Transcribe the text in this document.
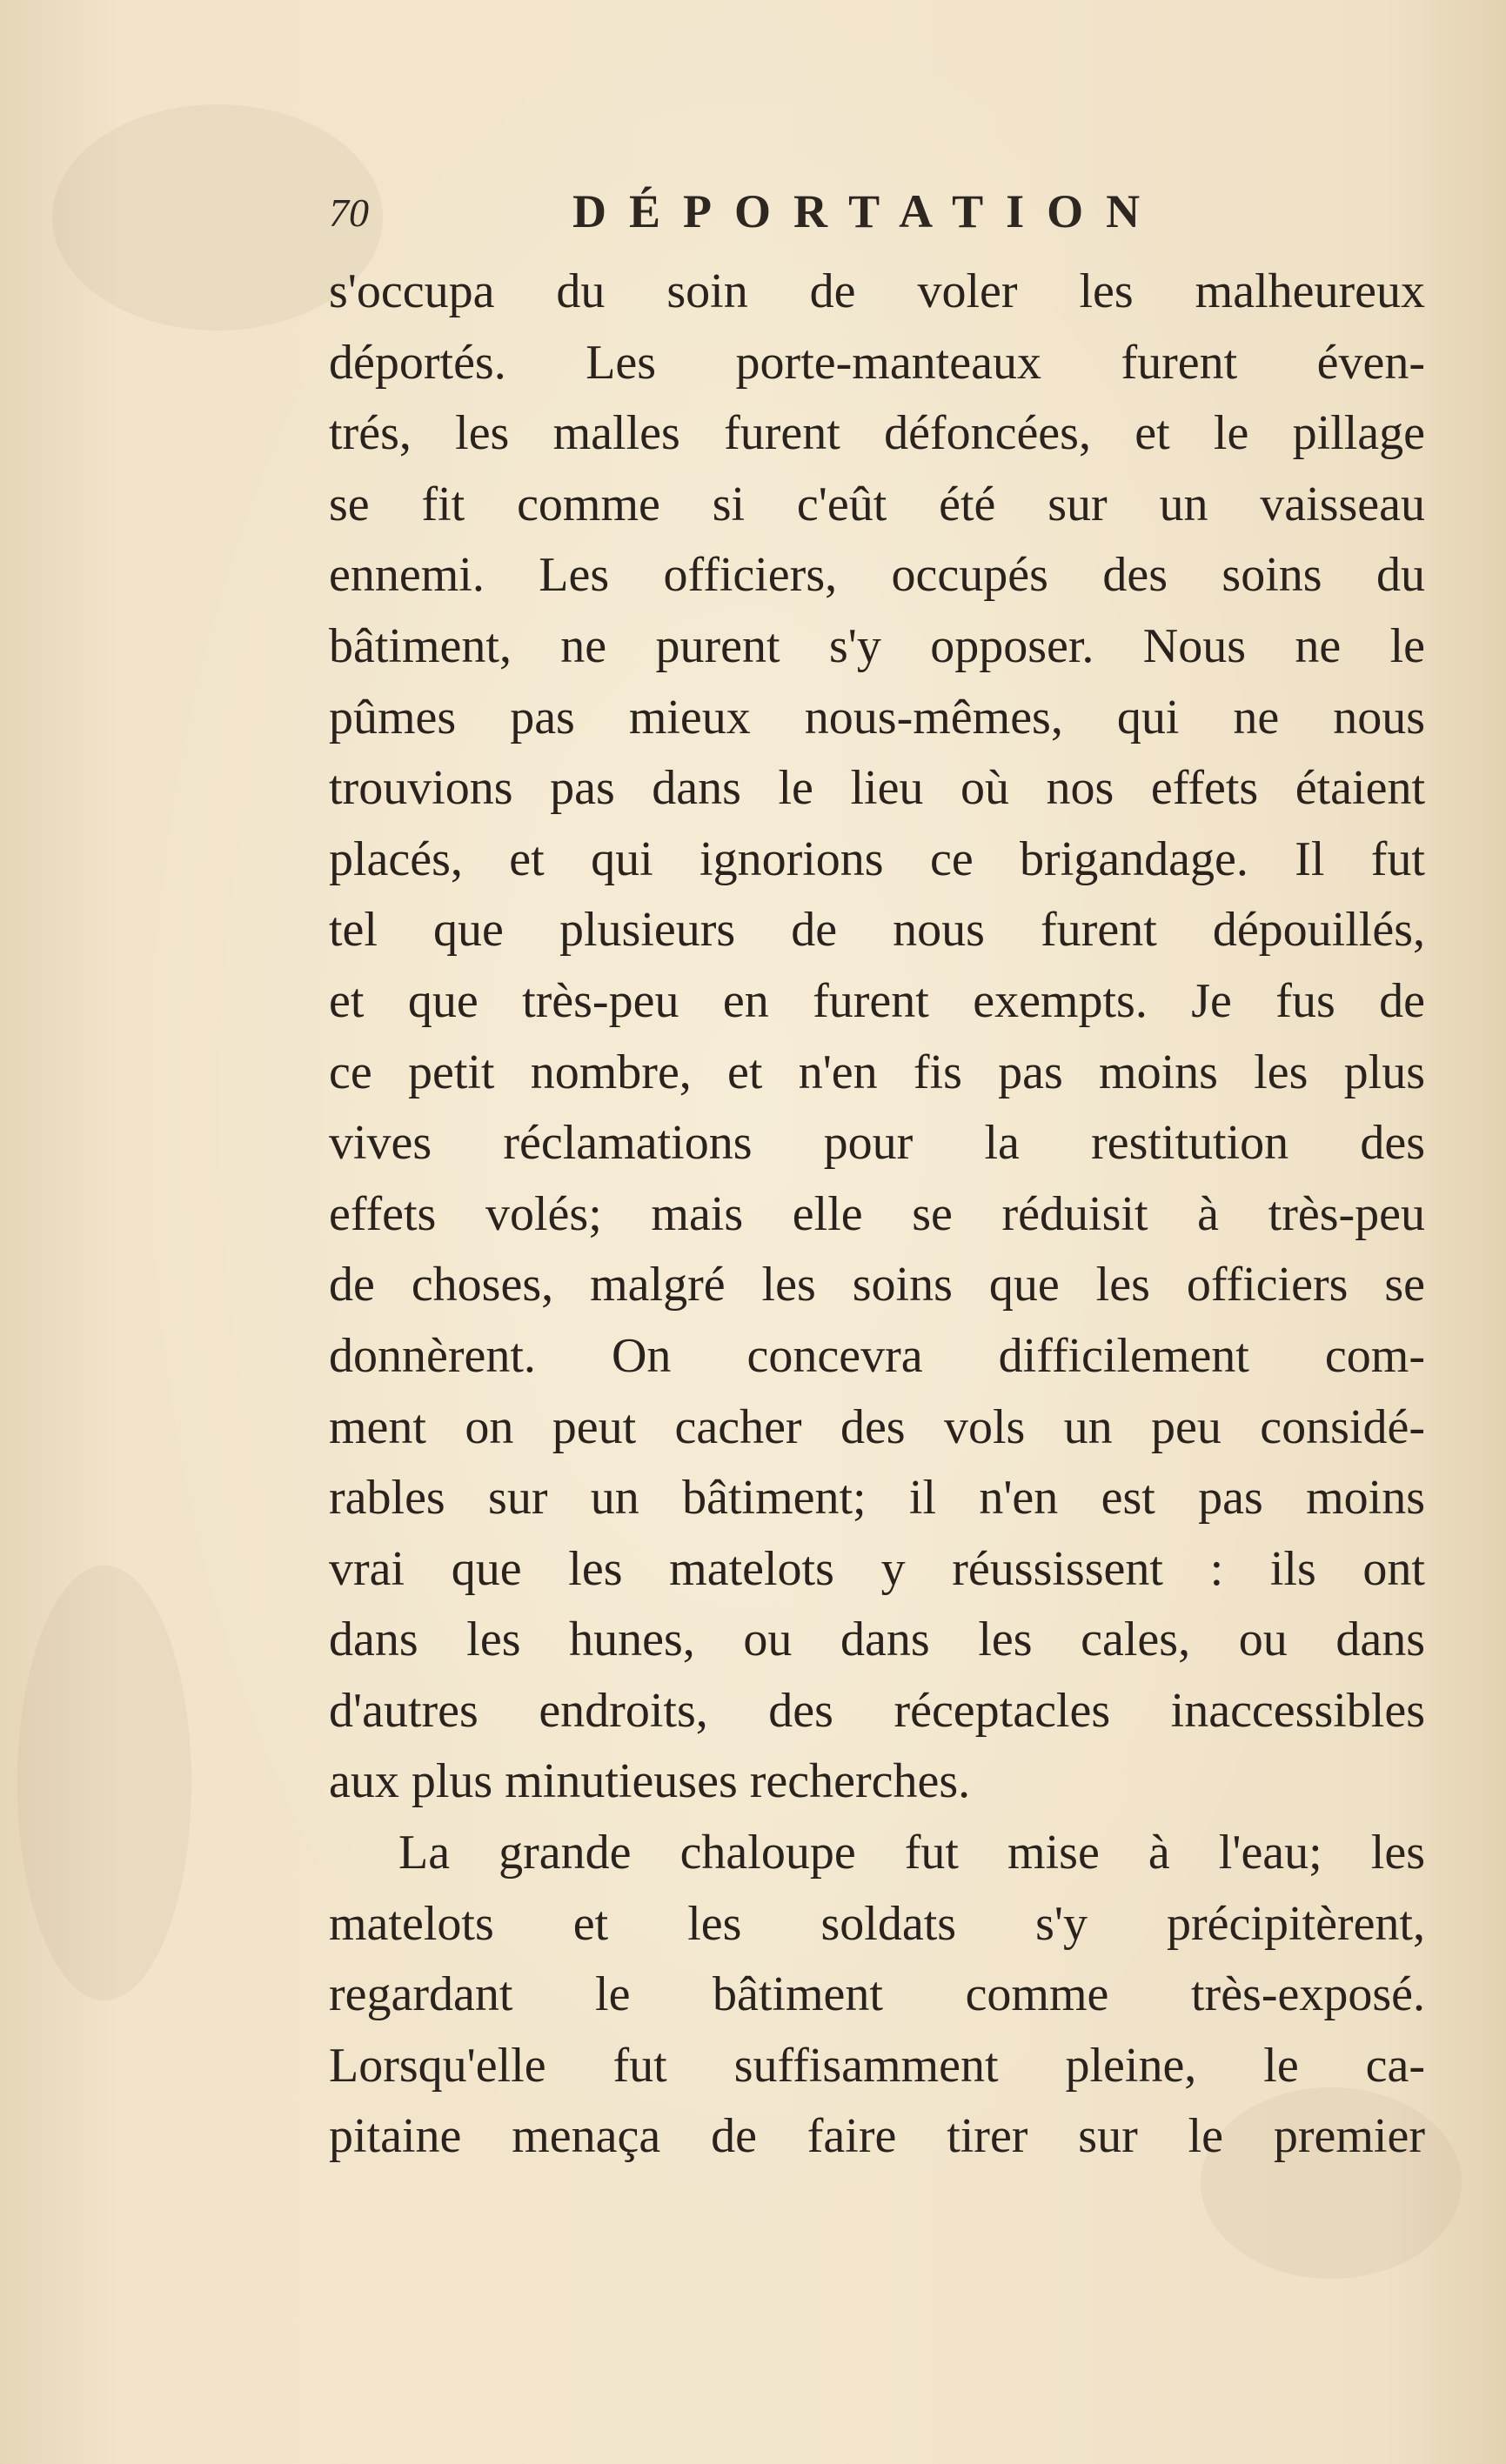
70	DÉPORTATION
s'occupa du soin de voler les malheureux
déportés. Les porte-manteaux furent éven-
trés, les malles furent défoncées, et le pillage
se fit comme si c'eût été sur un vaisseau
ennemi. Les officiers, occupés des soins du
bâtiment, ne purent s'y opposer. Nous ne le
pûmes pas mieux nous-mêmes, qui ne nous
trouvions pas dans le lieu où nos effets étaient
placés, et qui ignorions ce brigandage. Il fut
tel que plusieurs de nous furent dépouillés,
et que très-peu en furent exempts. Je fus de
ce petit nombre, et n'en fis pas moins les plus
vives réclamations pour la restitution des
effets volés; mais elle se réduisit à très-peu
de choses, malgré les soins que les officiers se
donnèrent. On concevra difficilement com-
ment on peut cacher des vols un peu considé-
rables sur un bâtiment; il n'en est pas moins
vrai que les matelots y réussissent : ils ont
dans les hunes, ou dans les cales, ou dans
d'autres endroits, des réceptacles inaccessibles
aux plus minutieuses recherches.
La grande chaloupe fut mise à l'eau; les
matelots et les soldats s'y précipitèrent,
regardant le bâtiment comme très-exposé.
Lorsqu'elle fut suffisamment pleine, le ca-
pitaine menaça de faire tirer sur le premier
